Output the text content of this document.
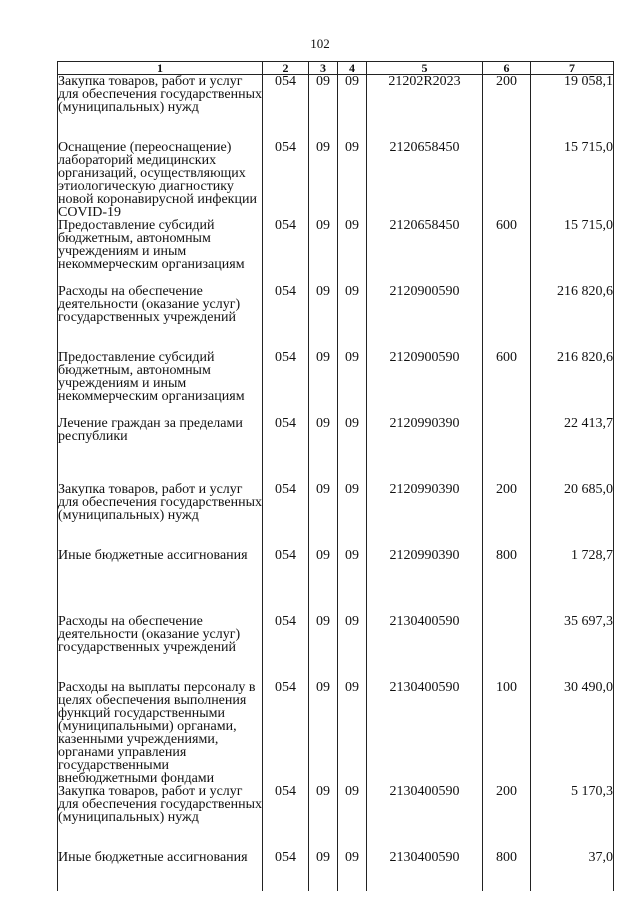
102
1	2	3	4	5	6	7
Закупка товаров, работ и услуг для обеспечения государственных (муниципальных) нужд	054	09	09	21202R2023	200	19 058,1
Оснащение (переоснащение) лабораторий медицинских организаций, осуществляющих этиологическую диагностику новой коронавирусной инфекции COVID-19	054	09	09	2120658450		15 715,0
Предоставление субсидий бюджетным, автономным учреждениям и иным некоммерческим организациям	054	09	09	2120658450	600	15 715,0
Расходы на обеспечение деятельности (оказание услуг) государственных учреждений	054	09	09	2120900590		216 820,6
Предоставление субсидий бюджетным, автономным учреждениям и иным некоммерческим организациям	054	09	09	2120900590	600	216 820,6
Лечение граждан за пределами республики	054	09	09	2120990390		22 413,7
Закупка товаров, работ и услуг для обеспечения государственных (муниципальных) нужд	054	09	09	2120990390	200	20 685,0
Иные бюджетные ассигнования	054	09	09	2120990390	800	1 728,7
Расходы на обеспечение деятельности (оказание услуг) государственных учреждений	054	09	09	2130400590		35 697,3
Расходы на выплаты персоналу в целях обеспечения выполнения функций государственными (муниципальными) органами, казенными учреждениями, органами управления государственными внебюджетными фондами	054	09	09	2130400590	100	30 490,0
Закупка товаров, работ и услуг для обеспечения государственных (муниципальных) нужд	054	09	09	2130400590	200	5 170,3
Иные бюджетные ассигнования	054	09	09	2130400590	800	37,0
